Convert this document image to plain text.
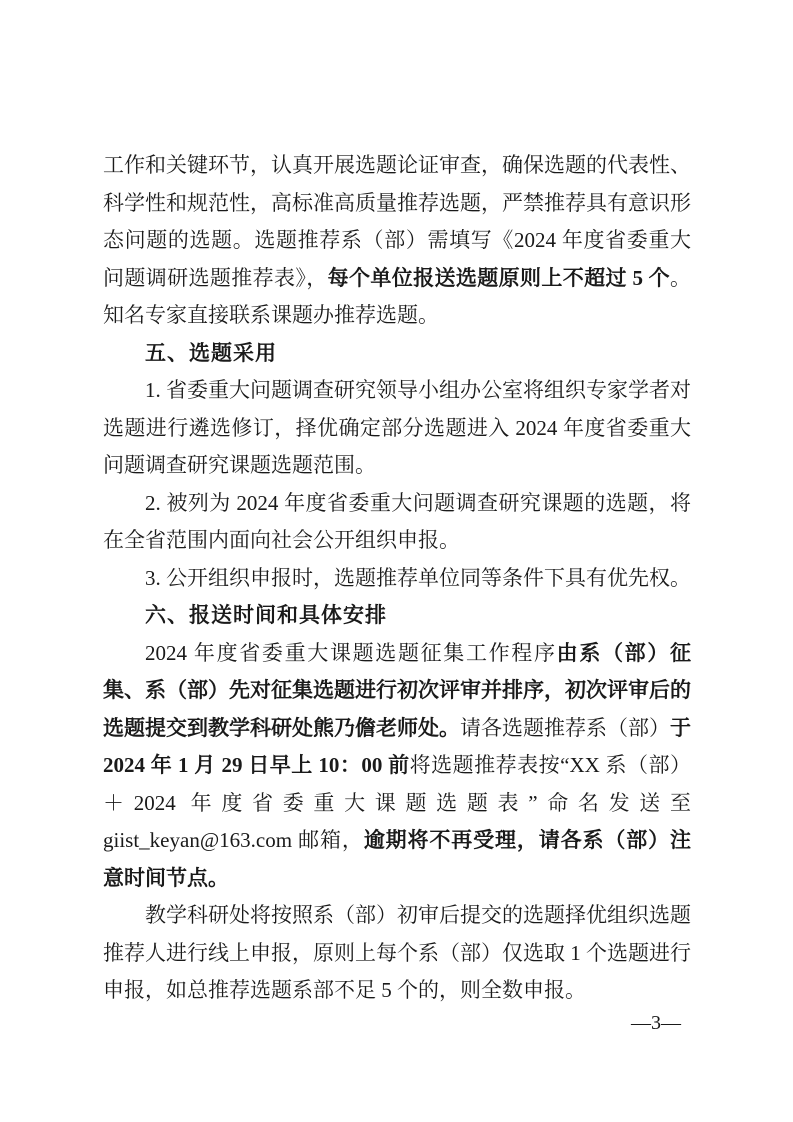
工作和关键环节，认真开展选题论证审查，确保选题的代表性、科学性和规范性，高标准高质量推荐选题，严禁推荐具有意识形态问题的选题。选题推荐系（部）需填写《2024 年度省委重大问题调研选题推荐表》，每个单位报送选题原则上不超过 5 个。知名专家直接联系课题办推荐选题。

五、选题采用

1. 省委重大问题调查研究领导小组办公室将组织专家学者对选题进行遴选修订，择优确定部分选题进入 2024 年度省委重大问题调查研究课题选题范围。

2. 被列为 2024 年度省委重大问题调查研究课题的选题，将在全省范围内面向社会公开组织申报。

3. 公开组织申报时，选题推荐单位同等条件下具有优先权。

六、报送时间和具体安排

2024 年度省委重大课题选题征集工作程序由系（部）征集、系（部）先对征集选题进行初次评审并排序，初次评审后的选题提交到教学科研处熊乃儋老师处。请各选题推荐系（部）于 2024 年 1 月 29 日早上 10：00 前将选题推荐表按“XX 系（部）＋2024 年度省委重大课题选题表”命名发送至 giist_keyan@163.com 邮箱，逾期将不再受理，请各系（部）注意时间节点。

教学科研处将按照系（部）初审后提交的选题择优组织选题推荐人进行线上申报，原则上每个系（部）仅选取 1 个选题进行申报，如总推荐选题系部不足 5 个的，则全数申报。

—3—
